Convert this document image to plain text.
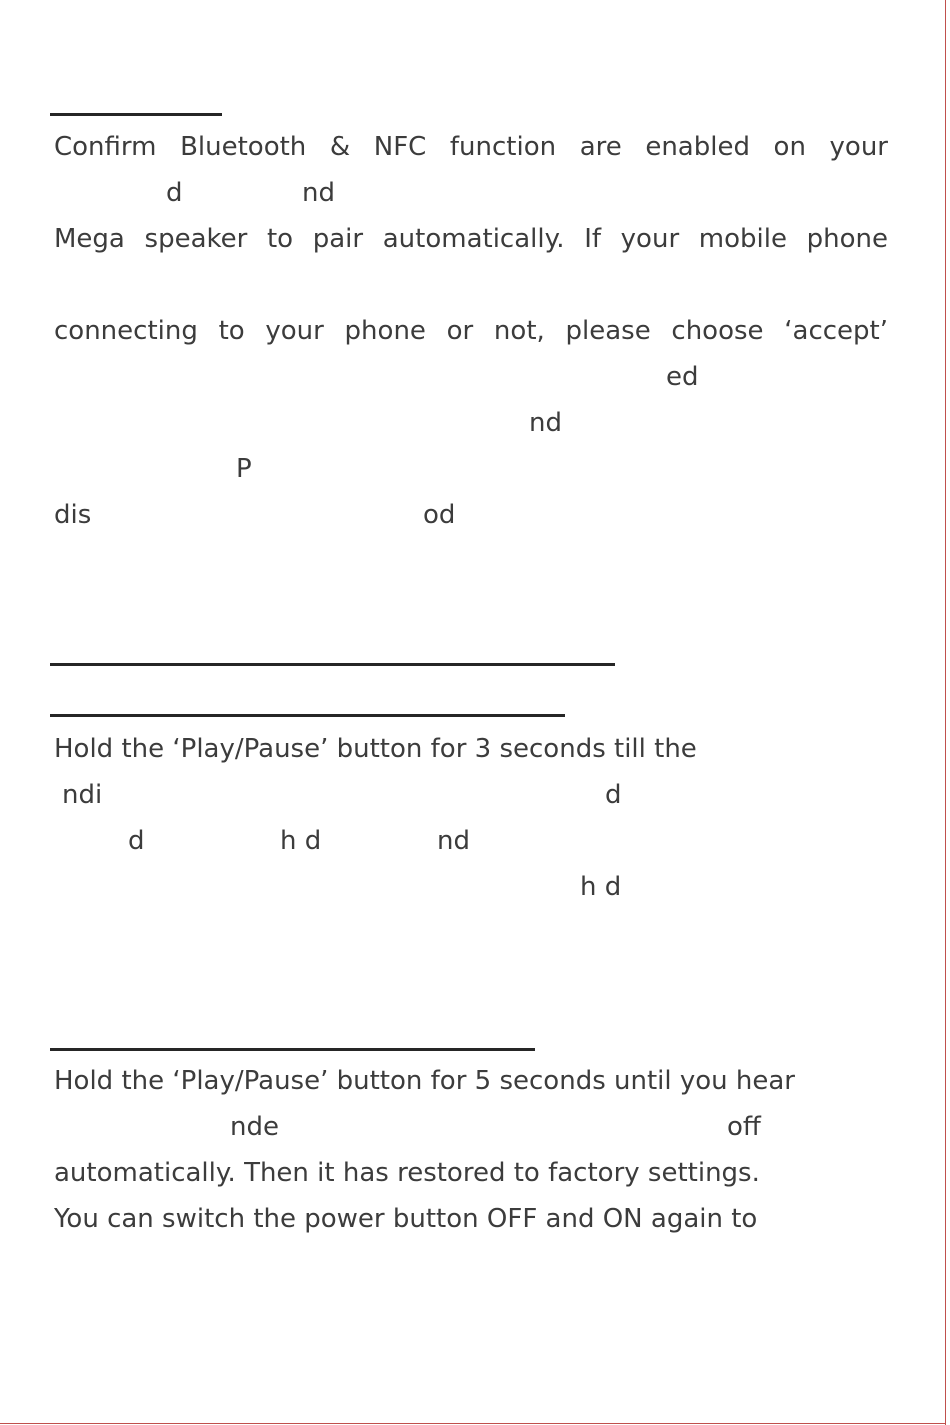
Confirm Bluetooth & NFC function are enabled on your
d	nd
Mega speaker to pair automatically. If your mobile phone
connecting to your phone or not, please choose ‘accept’
ed
nd
P
dis	od
Hold the ‘Play/Pause’ button for 3 seconds till the
ndi	d
d	h d	nd
h d
Hold the ‘Play/Pause’ button for 5 seconds until you hear
nde	off
automatically. Then it has restored to factory settings.
You can switch the power button OFF and ON again to
